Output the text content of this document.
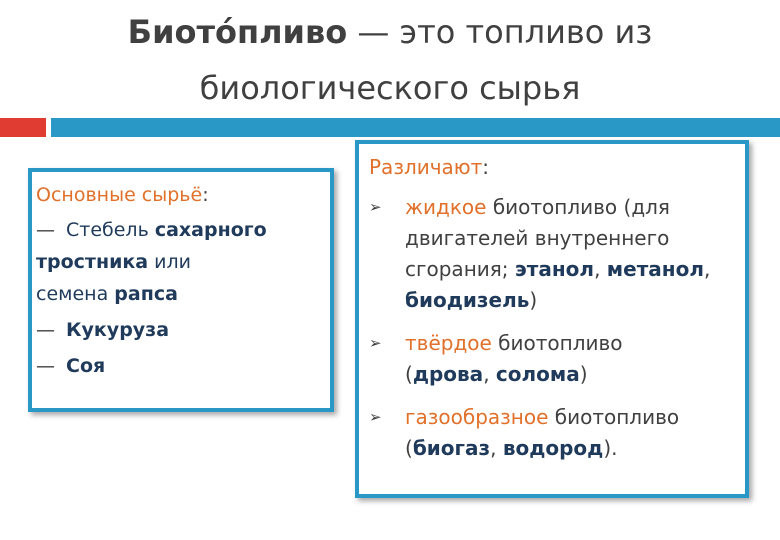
Биото́пливо — это топливо из
биологического сырья
Основные сырьё:
— Стебель сахарного
тростника или
семена рапса
— Кукуруза
— Соя
Различают:
➢ жидкое биотопливо (для
двигателей внутреннего
сгорания; этанол, метанол,
биодизель)
➢ твёрдое биотопливо
(дрова, солома)
➢ газообразное биотопливо
(биогаз, водород).
